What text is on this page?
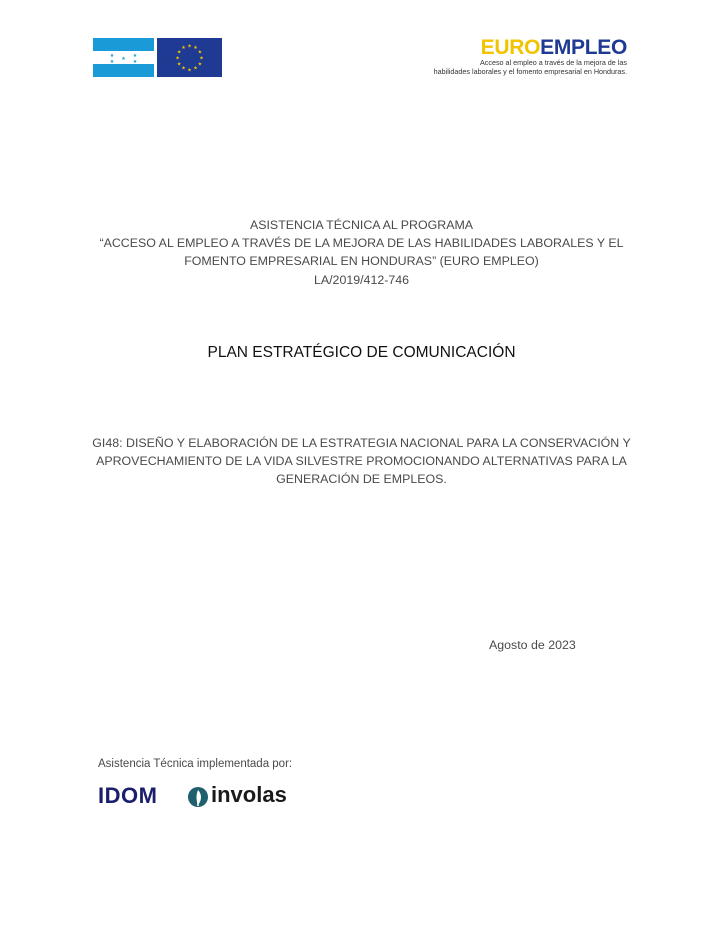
★	★
★
★	★
★
★
★
★
★
★
★
★
★ ★ ★
★	EUROEMPLEO
Acceso al empleo a través de la mejora de las
habilidades laborales y el fomento empresarial en Honduras.
ASISTENCIA TÉCNICA AL PROGRAMA
“ACCESO AL EMPLEO A TRAVÉS DE LA MEJORA DE LAS HABILIDADES LABORALES Y EL
FOMENTO EMPRESARIAL EN HONDURAS” (EURO EMPLEO)
LA/2019/412-746
PLAN ESTRATÉGICO DE COMUNICACIÓN
GI48: DISEÑO Y ELABORACIÓN DE LA ESTRATEGIA NACIONAL PARA LA CONSERVACIÓN Y
APROVECHAMIENTO DE LA VIDA SILVESTRE PROMOCIONANDO ALTERNATIVAS PARA LA
GENERACIÓN DE EMPLEOS.
Agosto de 2023
Asistencia Técnica implementada por:
IDOM involas
